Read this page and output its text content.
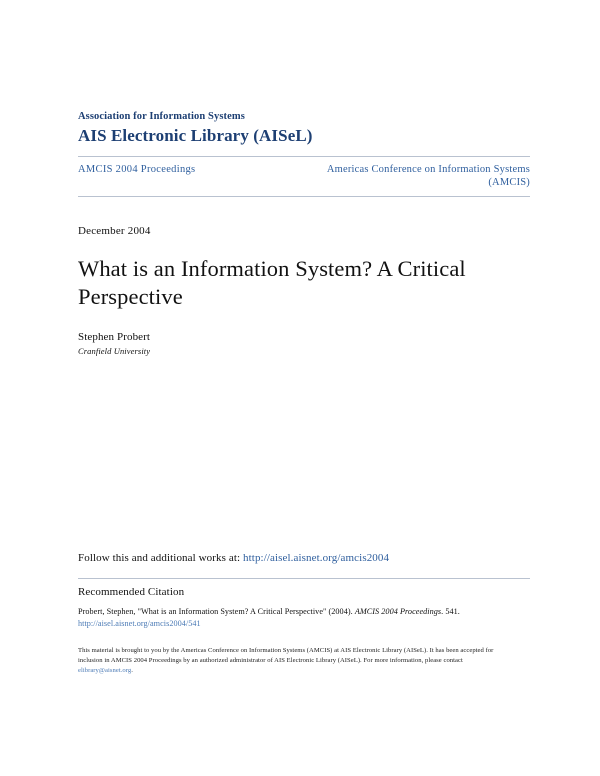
Association for Information Systems
AIS Electronic Library (AISeL)
AMCIS 2004 Proceedings	Americas Conference on Information Systems
(AMCIS)
December 2004
What is an Information System? A Critical Perspective
Stephen Probert
Cranfield University
Follow this and additional works at: http://aisel.aisnet.org/amcis2004
Recommended Citation
Probert, Stephen, "What is an Information System? A Critical Perspective" (2004). AMCIS 2004 Proceedings. 541.
http://aisel.aisnet.org/amcis2004/541
This material is brought to you by the Americas Conference on Information Systems (AMCIS) at AIS Electronic Library (AISeL). It has been accepted for inclusion in AMCIS 2004 Proceedings by an authorized administrator of AIS Electronic Library (AISeL). For more information, please contact elibrary@aisnet.org.
